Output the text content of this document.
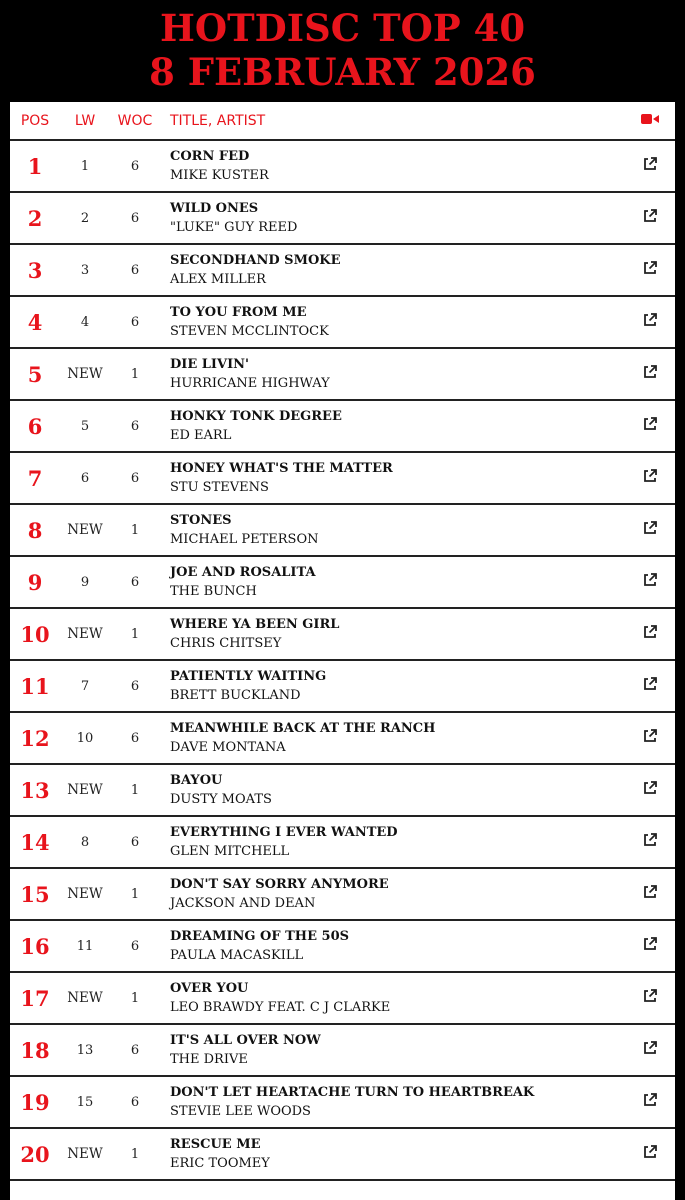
HOTDISC TOP 40
8 FEBRUARY 2026
POS	LW	WOC	TITLE, ARTIST
1	1	6
CORN FED
MIKE KUSTER
2	2	6
WILD ONES
"LUKE" GUY REED
3	3	6
SECONDHAND SMOKE
ALEX MILLER
4	4	6
TO YOU FROM ME
STEVEN MCCLINTOCK
5	NEW	1
DIE LIVIN'
HURRICANE HIGHWAY
6	5	6
HONKY TONK DEGREE
ED EARL
7	6	6
HONEY WHAT'S THE MATTER
STU STEVENS
8	NEW	1
STONES
MICHAEL PETERSON
9	9	6
JOE AND ROSALITA
THE BUNCH
10	NEW	1
WHERE YA BEEN GIRL
CHRIS CHITSEY
11	7	6
PATIENTLY WAITING
BRETT BUCKLAND
12	10	6
MEANWHILE BACK AT THE RANCH
DAVE MONTANA
13	NEW	1
BAYOU
DUSTY MOATS
14	8	6
EVERYTHING I EVER WANTED
GLEN MITCHELL
15	NEW	1
DON'T SAY SORRY ANYMORE
JACKSON AND DEAN
16	11	6
DREAMING OF THE 50S
PAULA MACASKILL
17	NEW	1
OVER YOU
LEO BRAWDY FEAT. C J CLARKE
18	13	6
IT'S ALL OVER NOW
THE DRIVE
19	15	6
DON'T LET HEARTACHE TURN TO HEARTBREAK
STEVIE LEE WOODS
20	NEW	1
RESCUE ME
ERIC TOOMEY
